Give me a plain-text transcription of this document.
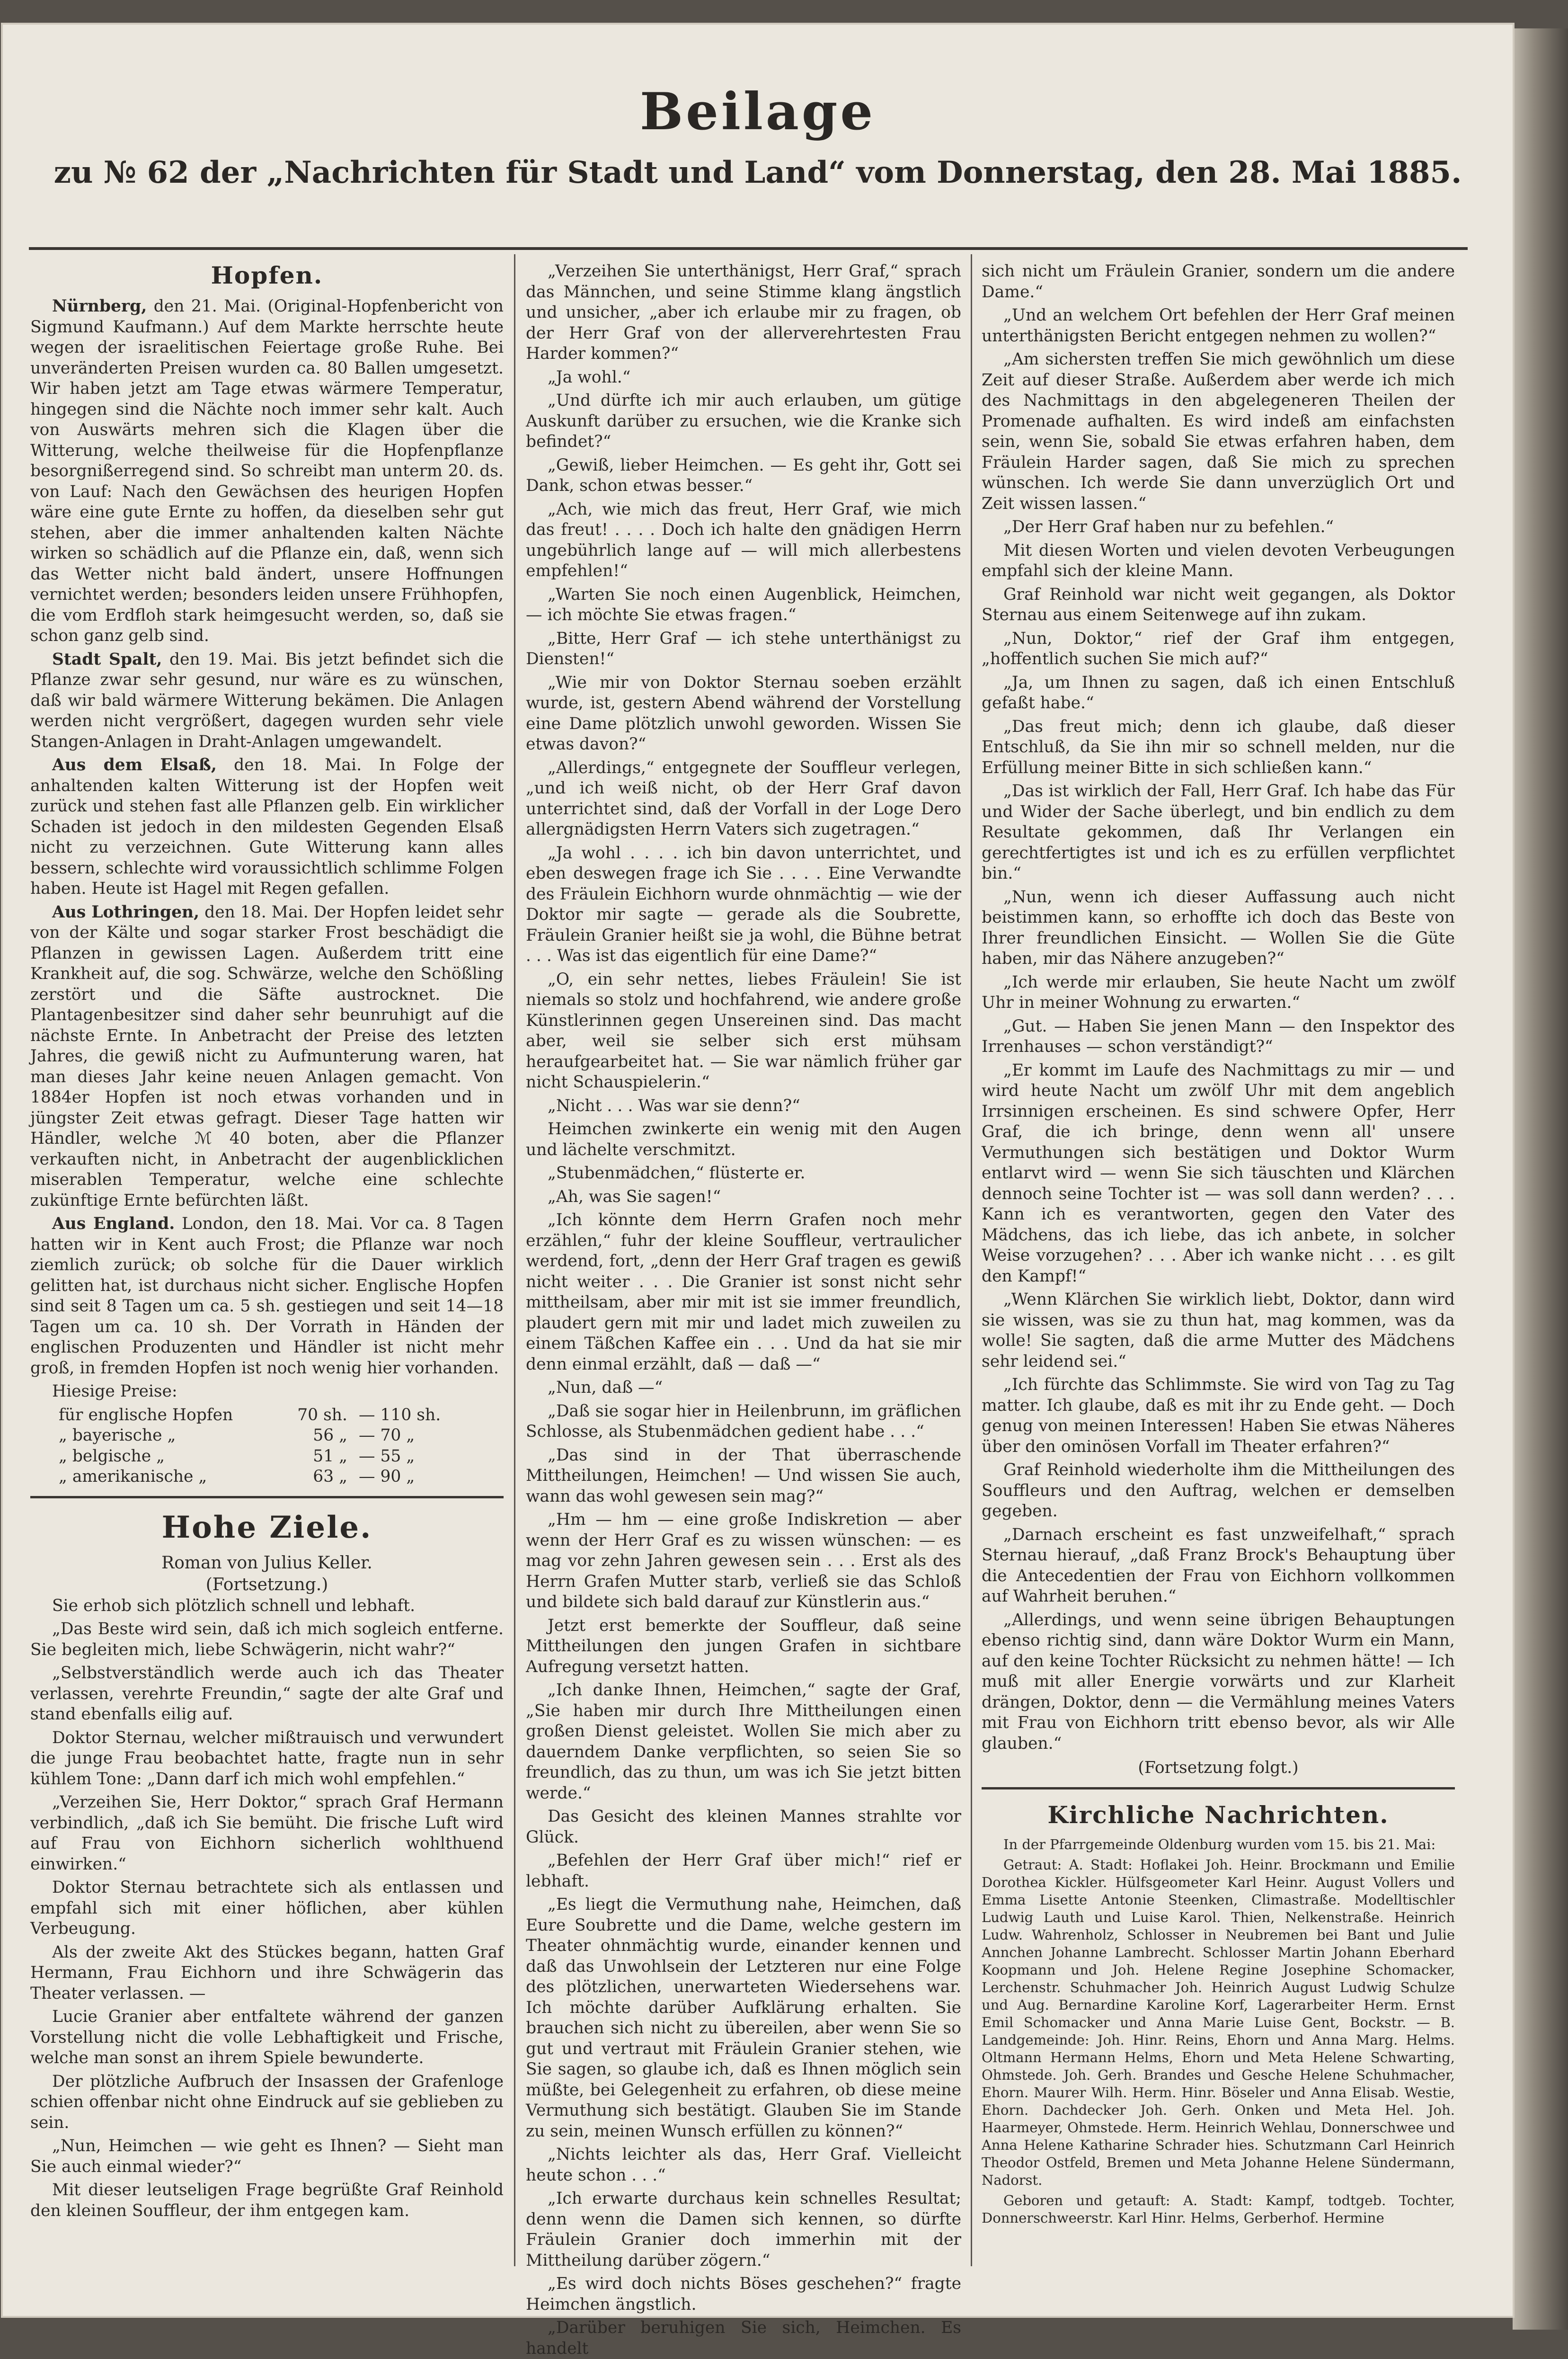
Beilage
zu № 62 der „Nachrichten für Stadt und Land“ vom Donnerstag, den 28. Mai 1885.
Hopfen.

Nürnberg, den 21. Mai. (Original-Hopfenbericht von Sigmund Kaufmann.) Auf dem Markte herrschte heute wegen der israelitischen Feiertage große Ruhe. Bei unveränderten Preisen wurden ca. 80 Ballen umgesetzt. Wir haben jetzt am Tage etwas wärmere Temperatur, hingegen sind die Nächte noch immer sehr kalt. Auch von Auswärts mehren sich die Klagen über die Witterung, welche theilweise für die Hopfenpflanze besorgnißerregend sind. So schreibt man unterm 20. ds. von Lauf: Nach den Gewächsen des heurigen Hopfen wäre eine gute Ernte zu hoffen, da dieselben sehr gut stehen, aber die immer anhaltenden kalten Nächte wirken so schädlich auf die Pflanze ein, daß, wenn sich das Wetter nicht bald ändert, unsere Hoffnungen vernichtet werden; besonders leiden unsere Frühhopfen, die vom Erdfloh stark heimgesucht werden, so, daß sie schon ganz gelb sind.

Stadt Spalt, den 19. Mai. Bis jetzt befindet sich die Pflanze zwar sehr gesund, nur wäre es zu wünschen, daß wir bald wärmere Witterung bekämen. Die Anlagen werden nicht vergrößert, dagegen wurden sehr viele Stangen-Anlagen in Draht-Anlagen umgewandelt.

Aus dem Elsaß, den 18. Mai. In Folge der anhaltenden kalten Witterung ist der Hopfen weit zurück und stehen fast alle Pflanzen gelb. Ein wirklicher Schaden ist jedoch in den mildesten Gegenden Elsaß nicht zu verzeichnen. Gute Witterung kann alles bessern, schlechte wird voraussichtlich schlimme Folgen haben. Heute ist Hagel mit Regen gefallen.

Aus Lothringen, den 18. Mai. Der Hopfen leidet sehr von der Kälte und sogar starker Frost beschädigt die Pflanzen in gewissen Lagen. Außerdem tritt eine Krankheit auf, die sog. Schwärze, welche den Schößling zerstört und die Säfte austrocknet. Die Plantagenbesitzer sind daher sehr beunruhigt auf die nächste Ernte. In Anbetracht der Preise des letzten Jahres, die gewiß nicht zu Aufmunterung waren, hat man dieses Jahr keine neuen Anlagen gemacht. Von 1884er Hopfen ist noch etwas vorhanden und in jüngster Zeit etwas gefragt. Dieser Tage hatten wir Händler, welche ℳ 40 boten, aber die Pflanzer verkauften nicht, in Anbetracht der augenblicklichen miserablen Temperatur, welche eine schlechte zukünftige Ernte befürchten läßt.

Aus England. London, den 18. Mai. Vor ca. 8 Tagen hatten wir in Kent auch Frost; die Pflanze war noch ziemlich zurück; ob solche für die Dauer wirklich gelitten hat, ist durchaus nicht sicher. Englische Hopfen sind seit 8 Tagen um ca. 5 sh. gestiegen und seit 14—18 Tagen um ca. 10 sh. Der Vorrath in Händen der englischen Produzenten und Händler ist nicht mehr groß, in fremden Hopfen ist noch wenig hier vorhanden.

Hiesige Preise:

für englische Hopfen	70 sh. — 110 sh.
„ bayerische „	56 „ — 70 „
„ belgische „	51 „ — 55 „
„ amerikanische „	63 „ — 90 „
Hohe Ziele.
Roman von Julius Keller.
(Fortsetzung.)

Sie erhob sich plötzlich schnell und lebhaft.

„Das Beste wird sein, daß ich mich sogleich entferne. Sie begleiten mich, liebe Schwägerin, nicht wahr?“

„Selbstverständlich werde auch ich das Theater verlassen, verehrte Freundin,“ sagte der alte Graf und stand ebenfalls eilig auf.

Doktor Sternau, welcher mißtrauisch und verwundert die junge Frau beobachtet hatte, fragte nun in sehr kühlem Tone: „Dann darf ich mich wohl empfehlen.“

„Verzeihen Sie, Herr Doktor,“ sprach Graf Hermann verbindlich, „daß ich Sie bemüht. Die frische Luft wird auf Frau von Eichhorn sicherlich wohlthuend einwirken.“

Doktor Sternau betrachtete sich als entlassen und empfahl sich mit einer höflichen, aber kühlen Verbeugung.

Als der zweite Akt des Stückes begann, hatten Graf Hermann, Frau Eichhorn und ihre Schwägerin das Theater verlassen. —

Lucie Granier aber entfaltete während der ganzen Vorstellung nicht die volle Lebhaftigkeit und Frische, welche man sonst an ihrem Spiele bewunderte.

Der plötzliche Aufbruch der Insassen der Grafenloge schien offenbar nicht ohne Eindruck auf sie geblieben zu sein.

„Nun, Heimchen — wie geht es Ihnen? — Sieht man Sie auch einmal wieder?“

Mit dieser leutseligen Frage begrüßte Graf Reinhold den kleinen Souffleur, der ihm entgegen kam.

„Verzeihen Sie unterthänigst, Herr Graf,“ sprach das Männchen, und seine Stimme klang ängstlich und unsicher, „aber ich erlaube mir zu fragen, ob der Herr Graf von der allerverehrtesten Frau Harder kommen?“

„Ja wohl.“

„Und dürfte ich mir auch erlauben, um gütige Auskunft darüber zu ersuchen, wie die Kranke sich befindet?“

„Gewiß, lieber Heimchen. — Es geht ihr, Gott sei Dank, schon etwas besser.“

„Ach, wie mich das freut, Herr Graf, wie mich das freut! . . . . Doch ich halte den gnädigen Herrn ungebührlich lange auf — will mich allerbestens empfehlen!“

„Warten Sie noch einen Augenblick, Heimchen, — ich möchte Sie etwas fragen.“

„Bitte, Herr Graf — ich stehe unterthänigst zu Diensten!“

„Wie mir von Doktor Sternau soeben erzählt wurde, ist, gestern Abend während der Vorstellung eine Dame plötzlich unwohl geworden. Wissen Sie etwas davon?“

„Allerdings,“ entgegnete der Souffleur verlegen, „und ich weiß nicht, ob der Herr Graf davon unterrichtet sind, daß der Vorfall in der Loge Dero allergnädigsten Herrn Vaters sich zugetragen.“

„Ja wohl . . . . ich bin davon unterrichtet, und eben deswegen frage ich Sie . . . . Eine Verwandte des Fräulein Eichhorn wurde ohnmächtig — wie der Doktor mir sagte — gerade als die Soubrette, Fräulein Granier heißt sie ja wohl, die Bühne betrat . . . Was ist das eigentlich für eine Dame?“

„O, ein sehr nettes, liebes Fräulein! Sie ist niemals so stolz und hochfahrend, wie andere große Künstlerinnen gegen Unsereinen sind. Das macht aber, weil sie selber sich erst mühsam heraufgearbeitet hat. — Sie war nämlich früher gar nicht Schauspielerin.“

„Nicht . . . Was war sie denn?“

Heimchen zwinkerte ein wenig mit den Augen und lächelte verschmitzt.

„Stubenmädchen,“ flüsterte er.

„Ah, was Sie sagen!“

„Ich könnte dem Herrn Grafen noch mehr erzählen,“ fuhr der kleine Souffleur, vertraulicher werdend, fort, „denn der Herr Graf tragen es gewiß nicht weiter . . . Die Granier ist sonst nicht sehr mittheilsam, aber mir mit ist sie immer freundlich, plaudert gern mit mir und ladet mich zuweilen zu einem Täßchen Kaffee ein . . . Und da hat sie mir denn einmal erzählt, daß — daß —“

„Nun, daß —“

„Daß sie sogar hier in Heilenbrunn, im gräflichen Schlosse, als Stubenmädchen gedient habe . . .“

„Das sind in der That überraschende Mittheilungen, Heimchen! — Und wissen Sie auch, wann das wohl gewesen sein mag?“

„Hm — hm — eine große Indiskretion — aber wenn der Herr Graf es zu wissen wünschen: — es mag vor zehn Jahren gewesen sein . . . Erst als des Herrn Grafen Mutter starb, verließ sie das Schloß und bildete sich bald darauf zur Künstlerin aus.“

Jetzt erst bemerkte der Souffleur, daß seine Mittheilungen den jungen Grafen in sichtbare Aufregung versetzt hatten.

„Ich danke Ihnen, Heimchen,“ sagte der Graf, „Sie haben mir durch Ihre Mittheilungen einen großen Dienst geleistet. Wollen Sie mich aber zu dauerndem Danke verpflichten, so seien Sie so freundlich, das zu thun, um was ich Sie jetzt bitten werde.“

Das Gesicht des kleinen Mannes strahlte vor Glück.

„Befehlen der Herr Graf über mich!“ rief er lebhaft.

„Es liegt die Vermuthung nahe, Heimchen, daß Eure Soubrette und die Dame, welche gestern im Theater ohnmächtig wurde, einander kennen und daß das Unwohlsein der Letzteren nur eine Folge des plötzlichen, unerwarteten Wiedersehens war. Ich möchte darüber Aufklärung erhalten. Sie brauchen sich nicht zu übereilen, aber wenn Sie so gut und vertraut mit Fräulein Granier stehen, wie Sie sagen, so glaube ich, daß es Ihnen möglich sein müßte, bei Gelegenheit zu erfahren, ob diese meine Vermuthung sich bestätigt. Glauben Sie im Stande zu sein, meinen Wunsch erfüllen zu können?“

„Nichts leichter als das, Herr Graf. Vielleicht heute schon . . .“

„Ich erwarte durchaus kein schnelles Resultat; denn wenn die Damen sich kennen, so dürfte Fräulein Granier doch immerhin mit der Mittheilung darüber zögern.“

„Es wird doch nichts Böses geschehen?“ fragte Heimchen ängstlich.

„Darüber beruhigen Sie sich, Heimchen. Es handelt

sich nicht um Fräulein Granier, sondern um die andere Dame.“

„Und an welchem Ort befehlen der Herr Graf meinen unterthänigsten Bericht entgegen nehmen zu wollen?“

„Am sichersten treffen Sie mich gewöhnlich um diese Zeit auf dieser Straße. Außerdem aber werde ich mich des Nachmittags in den abgelegeneren Theilen der Promenade aufhalten. Es wird indeß am einfachsten sein, wenn Sie, sobald Sie etwas erfahren haben, dem Fräulein Harder sagen, daß Sie mich zu sprechen wünschen. Ich werde Sie dann unverzüglich Ort und Zeit wissen lassen.“

„Der Herr Graf haben nur zu befehlen.“

Mit diesen Worten und vielen devoten Verbeugungen empfahl sich der kleine Mann.

Graf Reinhold war nicht weit gegangen, als Doktor Sternau aus einem Seitenwege auf ihn zukam.

„Nun, Doktor,“ rief der Graf ihm entgegen, „hoffentlich suchen Sie mich auf?“

„Ja, um Ihnen zu sagen, daß ich einen Entschluß gefaßt habe.“

„Das freut mich; denn ich glaube, daß dieser Entschluß, da Sie ihn mir so schnell melden, nur die Erfüllung meiner Bitte in sich schließen kann.“

„Das ist wirklich der Fall, Herr Graf. Ich habe das Für und Wider der Sache überlegt, und bin endlich zu dem Resultate gekommen, daß Ihr Verlangen ein gerechtfertigtes ist und ich es zu erfüllen verpflichtet bin.“

„Nun, wenn ich dieser Auffassung auch nicht beistimmen kann, so erhoffte ich doch das Beste von Ihrer freundlichen Einsicht. — Wollen Sie die Güte haben, mir das Nähere anzugeben?“

„Ich werde mir erlauben, Sie heute Nacht um zwölf Uhr in meiner Wohnung zu erwarten.“

„Gut. — Haben Sie jenen Mann — den Inspektor des Irrenhauses — schon verständigt?“

„Er kommt im Laufe des Nachmittags zu mir — und wird heute Nacht um zwölf Uhr mit dem angeblich Irrsinnigen erscheinen. Es sind schwere Opfer, Herr Graf, die ich bringe, denn wenn all' unsere Vermuthungen sich bestätigen und Doktor Wurm entlarvt wird — wenn Sie sich täuschten und Klärchen dennoch seine Tochter ist — was soll dann werden? . . . Kann ich es verantworten, gegen den Vater des Mädchens, das ich liebe, das ich anbete, in solcher Weise vorzugehen? . . . Aber ich wanke nicht . . . es gilt den Kampf!“

„Wenn Klärchen Sie wirklich liebt, Doktor, dann wird sie wissen, was sie zu thun hat, mag kommen, was da wolle! Sie sagten, daß die arme Mutter des Mädchens sehr leidend sei.“

„Ich fürchte das Schlimmste. Sie wird von Tag zu Tag matter. Ich glaube, daß es mit ihr zu Ende geht. — Doch genug von meinen Interessen! Haben Sie etwas Näheres über den ominösen Vorfall im Theater erfahren?“

Graf Reinhold wiederholte ihm die Mittheilungen des Souffleurs und den Auftrag, welchen er demselben gegeben.

„Darnach erscheint es fast unzweifelhaft,“ sprach Sternau hierauf, „daß Franz Brock's Behauptung über die Antecedentien der Frau von Eichhorn vollkommen auf Wahrheit beruhen.“

„Allerdings, und wenn seine übrigen Behauptungen ebenso richtig sind, dann wäre Doktor Wurm ein Mann, auf den keine Tochter Rücksicht zu nehmen hätte! — Ich muß mit aller Energie vorwärts und zur Klarheit drängen, Doktor, denn — die Vermählung meines Vaters mit Frau von Eichhorn tritt ebenso bevor, als wir Alle glauben.“

(Fortsetzung folgt.)
Kirchliche Nachrichten.

In der Pfarrgemeinde Oldenburg wurden vom 15. bis 21. Mai:

Getraut: A. Stadt: Hoflakei Joh. Heinr. Brockmann und Emilie Dorothea Kickler. Hülfsgeometer Karl Heinr. August Vollers und Emma Lisette Antonie Steenken, Climastraße. Modelltischler Ludwig Lauth und Luise Karol. Thien, Nelkenstraße. Heinrich Ludw. Wahrenholz, Schlosser in Neubremen bei Bant und Julie Annchen Johanne Lambrecht. Schlosser Martin Johann Eberhard Koopmann und Joh. Helene Regine Josephine Schomacker, Lerchenstr. Schuhmacher Joh. Heinrich August Ludwig Schulze und Aug. Bernardine Karoline Korf, Lagerarbeiter Herm. Ernst Emil Schomacker und Anna Marie Luise Gent, Bockstr. — B. Landgemeinde: Joh. Hinr. Reins, Ehorn und Anna Marg. Helms. Oltmann Hermann Helms, Ehorn und Meta Helene Schwarting, Ohmstede. Joh. Gerh. Brandes und Gesche Helene Schuhmacher, Ehorn. Maurer Wilh. Herm. Hinr. Böseler und Anna Elisab. Westie, Ehorn. Dachdecker Joh. Gerh. Onken und Meta Hel. Joh. Haarmeyer, Ohmstede. Herm. Heinrich Wehlau, Donnerschwee und Anna Helene Katharine Schrader hies. Schutzmann Carl Heinrich Theodor Ostfeld, Bremen und Meta Johanne Helene Sündermann, Nadorst.

Geboren und getauft: A. Stadt: Kampf, todtgeb. Tochter, Donnerschweerstr. Karl Hinr. Helms, Gerberhof. Hermine
